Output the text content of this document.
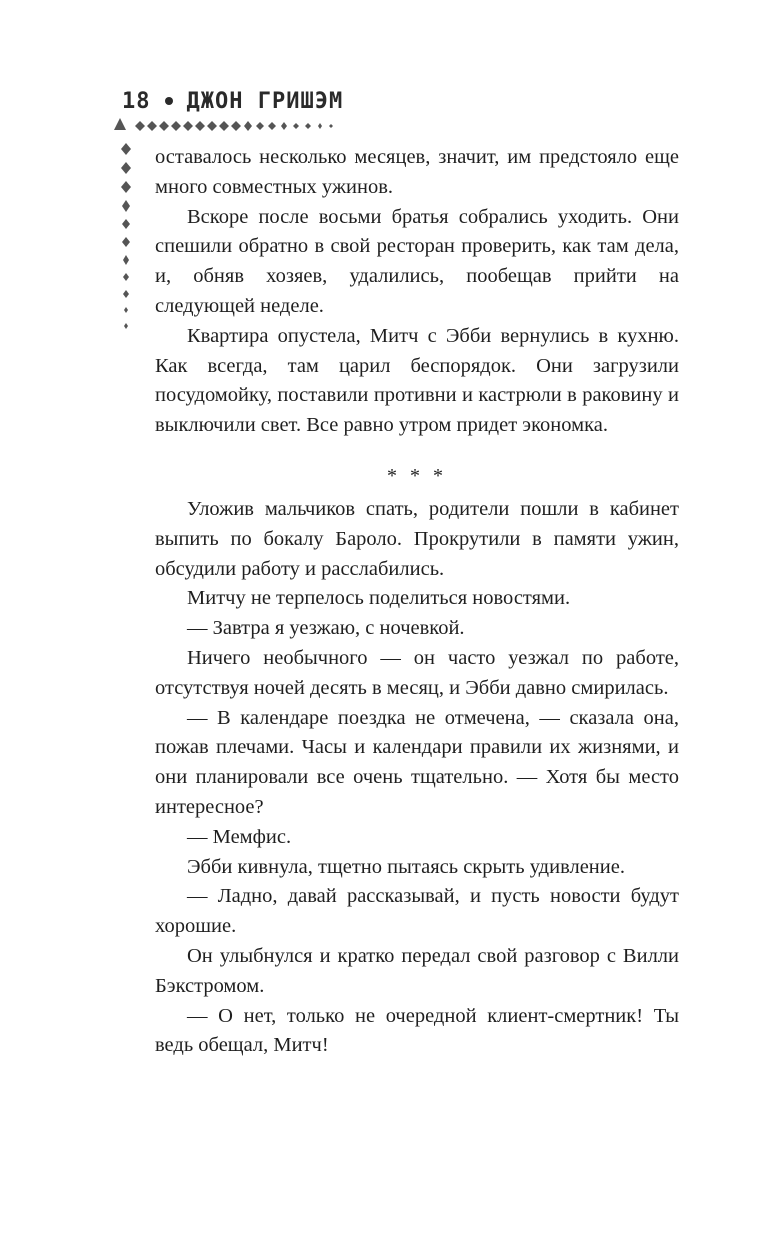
18 ДЖОН ГРИШЭМ

оставалось несколько месяцев, значит, им предстояло еще много совместных ужинов.

Вскоре после восьми братья собрались уходить. Они спешили обратно в свой ресторан проверить, как там дела, и, обняв хозяев, удалились, пообещав прийти на следующей неделе.

Квартира опустела, Митч с Эбби вернулись в кухню. Как всегда, там царил беспорядок. Они загрузили посудомойку, поставили противни и кастрюли в раковину и выключили свет. Все равно утром придет экономка.

* * *

Уложив мальчиков спать, родители пошли в кабинет выпить по бокалу Бароло. Прокрутили в памяти ужин, обсудили работу и расслабились.

Митчу не терпелось поделиться новостями.

— Завтра я уезжаю, с ночевкой.

Ничего необычного — он часто уезжал по работе, отсутствуя ночей десять в месяц, и Эбби давно смирилась.

— В календаре поездка не отмечена, — сказала она, пожав плечами. Часы и календари правили их жизнями, и они планировали все очень тщательно. — Хотя бы место интересное?

— Мемфис.

Эбби кивнула, тщетно пытаясь скрыть удивление.

— Ладно, давай рассказывай, и пусть новости будут хорошие.

Он улыбнулся и кратко передал свой разговор с Вилли Бэкстромом.

— О нет, только не очередной клиент-смертник! Ты ведь обещал, Митч!
